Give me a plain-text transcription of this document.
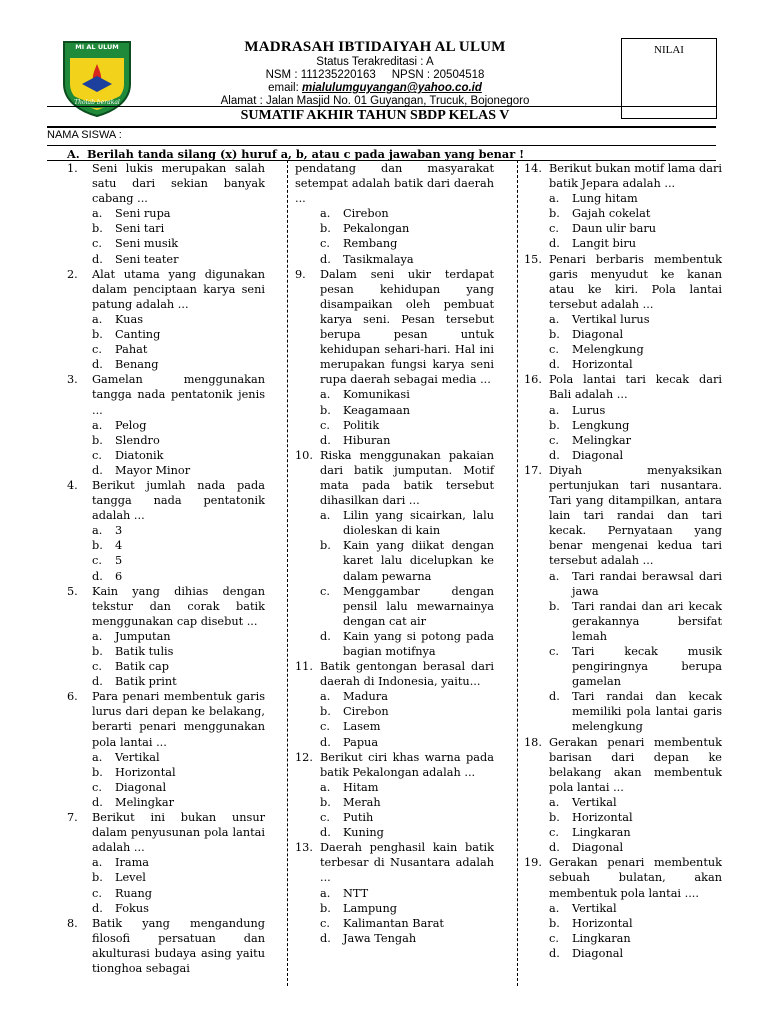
MI AL ULUM
Tholab berakal
MADRASAH IBTIDAIYAH AL ULUM
Status Terakreditasi : A
NSM : 111235220163     NPSN : 20504518
email: mialulumguyangan@yahoo.co.id
Alamat : Jalan Masjid No. 01 Guyangan, Trucuk, Bojonegoro
NILAI
SUMATIF AKHIR TAHUN SBDP KELAS V
NAMA SISWA :
A. Berilah tanda silang (x) huruf a, b, atau c pada jawaban yang benar !
1.	Seni lukis merupakan salah satu dari sekian banyak cabang ...
a.	Seni rupa
b.	Seni tari
c.	Seni musik
d.	Seni teater
2.	Alat utama yang digunakan dalam penciptaan karya seni patung adalah ...
a.	Kuas
b.	Canting
c.	Pahat
d.	Benang
3.	Gamelan menggunakan tangga nada pentatonik jenis ...
a.	Pelog
b.	Slendro
c.	Diatonik
d.	Mayor Minor
4.	Berikut jumlah nada pada tangga nada pentatonik adalah ...
a.	3
b.	4
c.	5
d.	6
5.	Kain yang dihias dengan tekstur dan corak batik menggunakan cap disebut ...
a.	Jumputan
b.	Batik tulis
c.	Batik cap
d.	Batik print
6.	Para penari membentuk garis lurus dari depan ke belakang, berarti penari menggunakan pola lantai ...
a.	Vertikal
b.	Horizontal
c.	Diagonal
d.	Melingkar
7.	Berikut ini bukan unsur dalam penyusunan pola lantai adalah ...
a.	Irama
b.	Level
c.	Ruang
d.	Fokus
8.	Batik yang mengandung filosofi persatuan dan akulturasi budaya asing yaitu tionghoa sebagai
pendatang dan masyarakat setempat adalah batik dari daerah ...
a.	Cirebon
b.	Pekalongan
c.	Rembang
d.	Tasikmalaya
9.	Dalam seni ukir terdapat pesan kehidupan yang disampaikan oleh pembuat karya seni. Pesan tersebut berupa pesan untuk kehidupan sehari-hari. Hal ini merupakan fungsi karya seni rupa daerah sebagai media ...
a.	Komunikasi
b.	Keagamaan
c.	Politik
d.	Hiburan
10. Riska menggunakan pakaian dari batik jumputan. Motif mata pada batik tersebut dihasilkan dari ...
a.	Lilin yang sicairkan, lalu dioleskan di kain
b.	Kain yang diikat dengan karet lalu dicelupkan ke dalam pewarna
c.	Menggambar dengan pensil lalu mewarnainya dengan cat air
d.	Kain yang si potong pada bagian motifnya
11. Batik gentongan berasal dari daerah di Indonesia, yaitu...
a.	Madura
b.	Cirebon
c.	Lasem
d.	Papua
12. Berikut ciri khas warna pada batik Pekalongan adalah ...
a.	Hitam
b.	Merah
c.	Putih
d.	Kuning
13. Daerah penghasil kain batik terbesar di Nusantara adalah ...
a.	NTT
b.	Lampung
c.	Kalimantan Barat
d.	Jawa Tengah
14. Berikut bukan motif lama dari batik Jepara adalah ...
a.	Lung hitam
b.	Gajah cokelat
c.	Daun ulir baru
d.	Langit biru
15. Penari berbaris membentuk garis menyudut ke kanan atau ke kiri. Pola lantai tersebut adalah ...
a.	Vertikal lurus
b.	Diagonal
c.	Melengkung
d.	Horizontal
16. Pola lantai tari kecak dari Bali adalah ...
a.	Lurus
b.	Lengkung
c.	Melingkar
d.	Diagonal
17. Diyah menyaksikan pertunjukan tari nusantara. Tari yang ditampilkan, antara lain tari randai dan tari kecak. Pernyataan yang benar mengenai kedua tari tersebut adalah ...
a.	Tari randai berawsal dari jawa
b.	Tari randai dan ari kecak gerakannya bersifat lemah
c.	Tari kecak musik pengiringnya berupa gamelan
d.	Tari randai dan kecak memiliki pola lantai garis melengkung
18. Gerakan penari membentuk barisan dari depan ke belakang akan membentuk pola lantai ...
a.	Vertikal
b.	Horizontal
c.	Lingkaran
d.	Diagonal
19. Gerakan penari membentuk sebuah bulatan, akan membentuk pola lantai ....
a.	Vertikal
b.	Horizontal
c.	Lingkaran
d.	Diagonal
